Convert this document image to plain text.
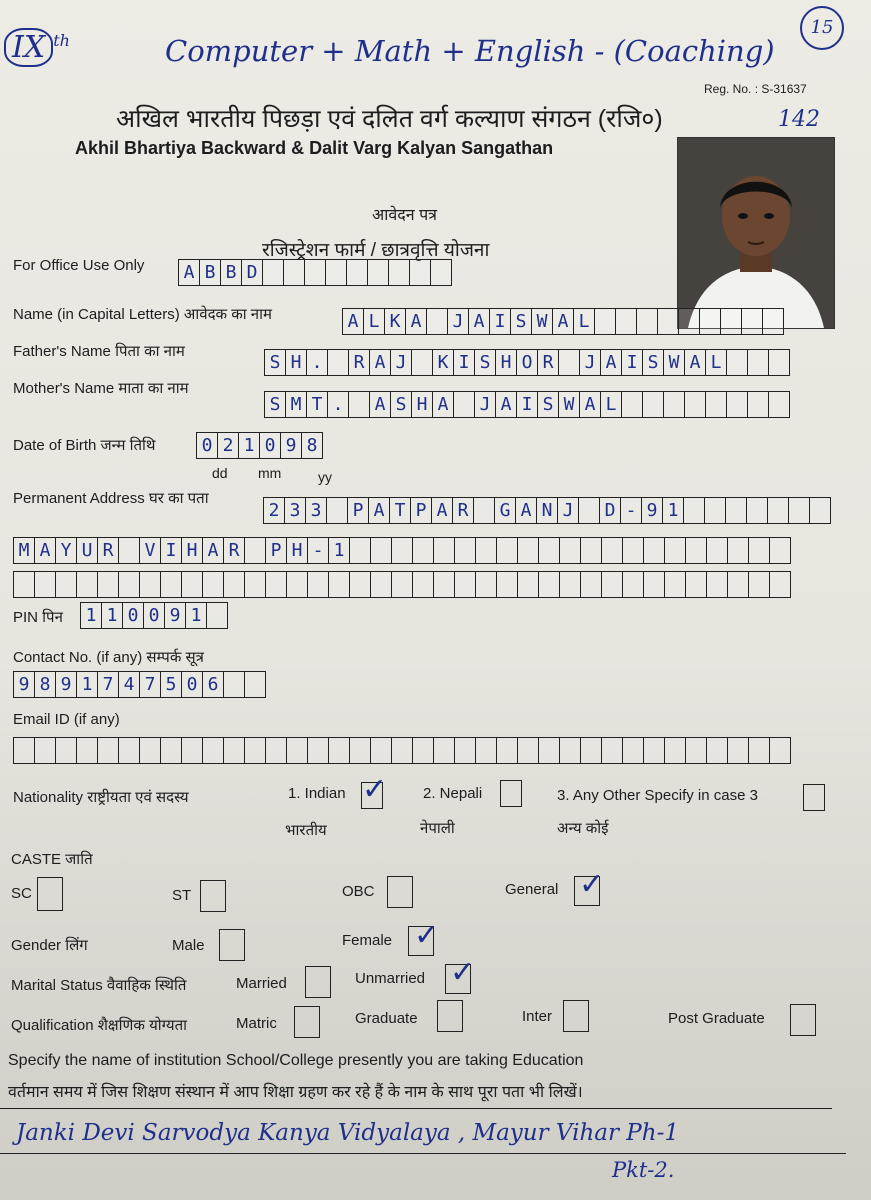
IX $^{th}$	Computer + Math + English - (Coaching)
15
142
Reg. No. : S-31637
अखिल भारतीय पिछड़ा एवं दलित वर्ग कल्याण संगठन (रजि०)
Akhil Bhartiya Backward & Dalit Varg Kalyan Sangathan
आवेदन पत्र
रजिस्ट्रेशन फार्म / छात्रवृत्ति योजना
For Office Use Only	A B B D
Name (in Capital Letters) आवेदक का नाम	A L K A	J A I S W A L
Father's Name पिता का नाम
S H .	R A J	K I S H O R	J A I S W A L
Mother's Name माता का नाम
S M T .	A S H A	J A I S W A L
Date of Birth जन्म तिथि	0 2 1 0 9 8
dd mm	yy
Permanent Address घर का पता
2 3 3	P A T P A R	G A N J	D - 9 1
M A Y U R	V I H A R	P H - 1
PIN पिन	1 1 0 0 9 1
Contact No. (if any) सम्पर्क सूत्र
9 8 9 1 7 4 7 5 0 6
Email ID (if any)
Nationality राष्ट्रीयता एवं सदस्य	1. Indian ✓
भारतीय
2. Nepali
नेपाली
3. Any Other Specify in case 3
अन्य कोई
CASTE जाति
SC	ST	OBC	General ✓
Gender लिंग	Male	Female ✓
Marital Status वैवाहिक स्थिति	Married	Unmarried ✓
Qualification शैक्षणिक योग्यता	Matric	Graduate	Inter	Post Graduate
Specify the name of institution School/College presently you are taking Education
वर्तमान समय में जिस शिक्षण संस्थान में आप शिक्षा ग्रहण कर रहे हैं के नाम के साथ पूरा पता भी लिखें।
Janki Devi Sarvodya Kanya Vidyalaya , Mayur Vihar Ph-1
Pkt-2.
